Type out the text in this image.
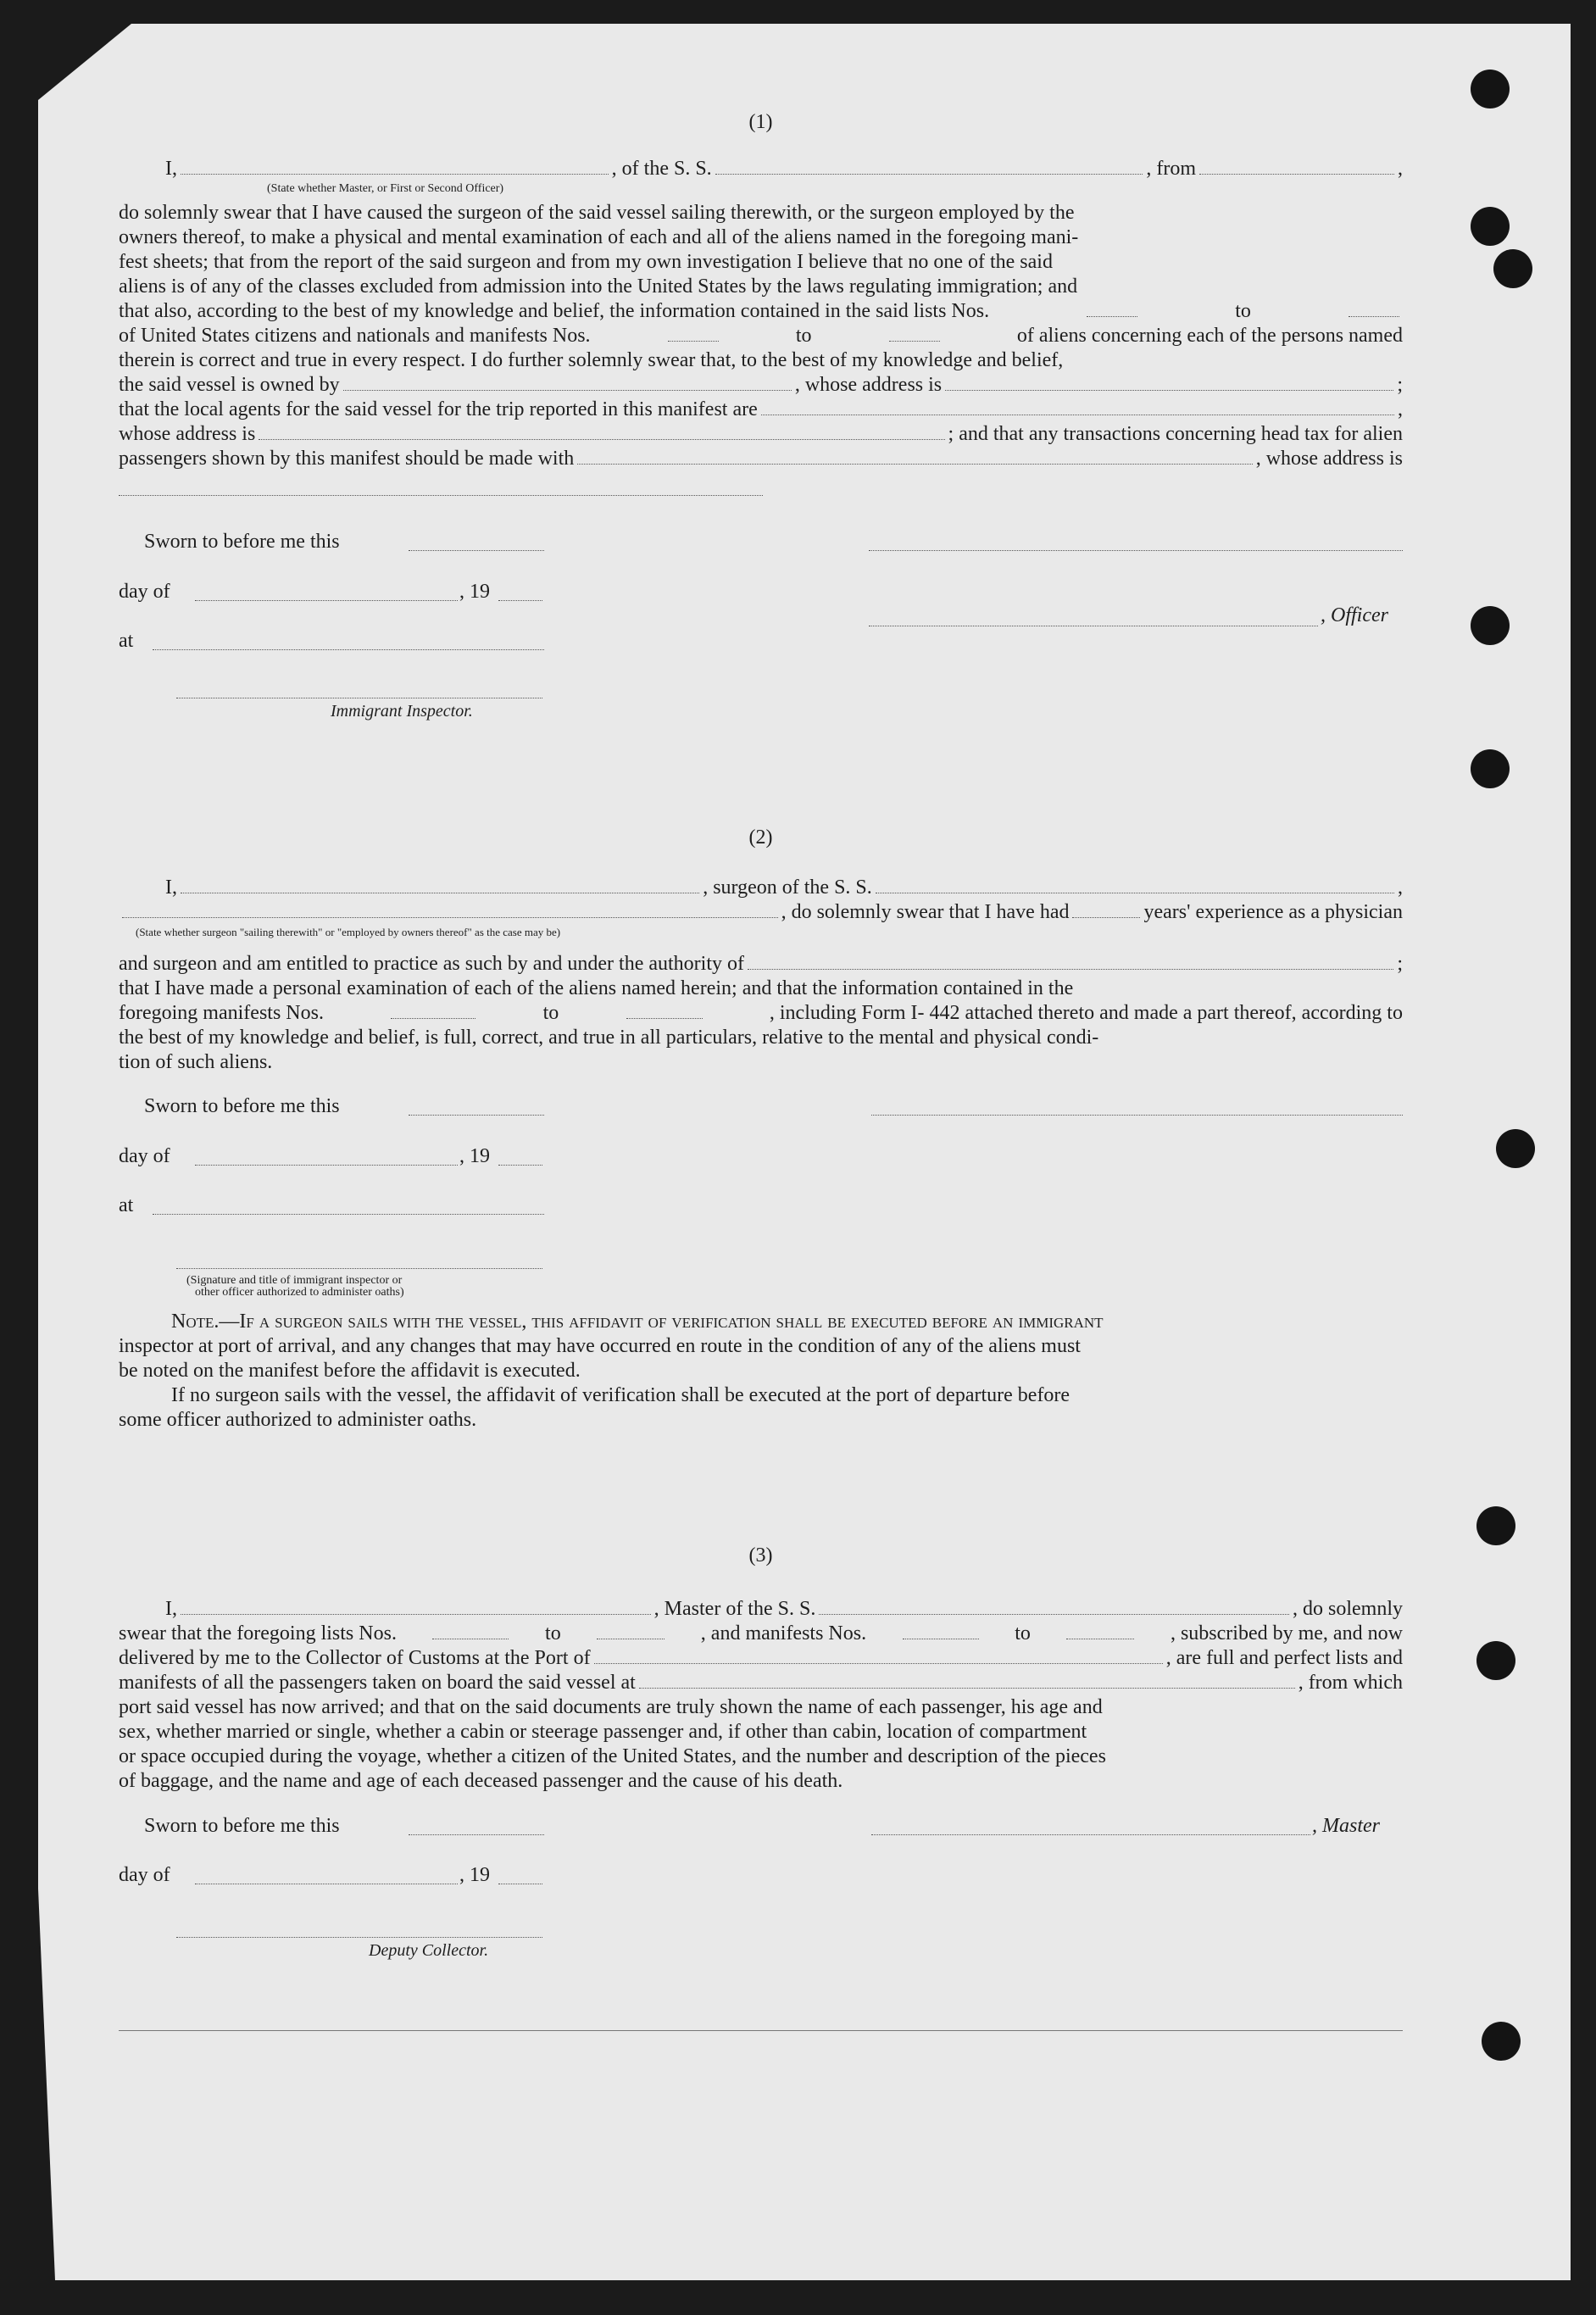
(1)
I,	, of the S. S.	, from	,
(State whether Master, or First or Second Officer)
do solemnly swear that I have caused the surgeon of the said vessel sailing therewith, or the surgeon employed by the
owners thereof, to make a physical and mental examination of each and all of the aliens named in the foregoing mani-
fest sheets; that from the report of the said surgeon and from my own investigation I believe that no one of the said
aliens is of any of the classes excluded from admission into the United States by the laws regulating immigration; and
that also, according to the best of my knowledge and belief, the information contained in the said lists Nos.	to
of United States citizens and nationals and manifests Nos.	to	of aliens concerning each of the persons named
therein is correct and true in every respect. I do further solemnly swear that, to the best of my knowledge and belief,
the said vessel is owned by	, whose address is	;
that the local agents for the said vessel for the trip reported in this manifest are	,
whose address is	; and that any transactions concerning head tax for alien
passengers shown by this manifest should be made with	, whose address is
Sworn to before me this
day of	, 19
at
Immigrant Inspector.
, Officer
(2)
I,	, surgeon of the S. S.	,
, do solemnly swear that I have had	years' experience as a physician
(State whether surgeon "sailing therewith" or "employed by owners thereof" as the case may be)
and surgeon and am entitled to practice as such by and under the authority of	;
that I have made a personal examination of each of the aliens named herein; and that the information contained in the
foregoing manifests Nos.	to	, including Form I- 442 attached thereto and made a part thereof, according to
the best of my knowledge and belief, is full, correct, and true in all particulars, relative to the mental and physical condi-
tion of such aliens.
Sworn to before me this
day of	, 19
at
(Signature and title of immigrant inspector or
other officer authorized to administer oaths)
Note.—If a surgeon sails with the vessel, this affidavit of verification shall be executed before an immigrant
inspector at port of arrival, and any changes that may have occurred en route in the condition of any of the aliens must
be noted on the manifest before the affidavit is executed.
If no surgeon sails with the vessel, the affidavit of verification shall be executed at the port of departure before
some officer authorized to administer oaths.
(3)
I,	, Master of the S. S.	, do solemnly
swear that the foregoing lists Nos.	to	, and manifests Nos.	to	, subscribed by me, and now
delivered by me to the Collector of Customs at the Port of	, are full and perfect lists and
manifests of all the passengers taken on board the said vessel at	, from which
port said vessel has now arrived; and that on the said documents are truly shown the name of each passenger, his age and
sex, whether married or single, whether a cabin or steerage passenger and, if other than cabin, location of compartment
or space occupied during the voyage, whether a citizen of the United States, and the number and description of the pieces
of baggage, and the name and age of each deceased passenger and the cause of his death.
Sworn to before me this	, Master
day of	, 19
Deputy Collector.
